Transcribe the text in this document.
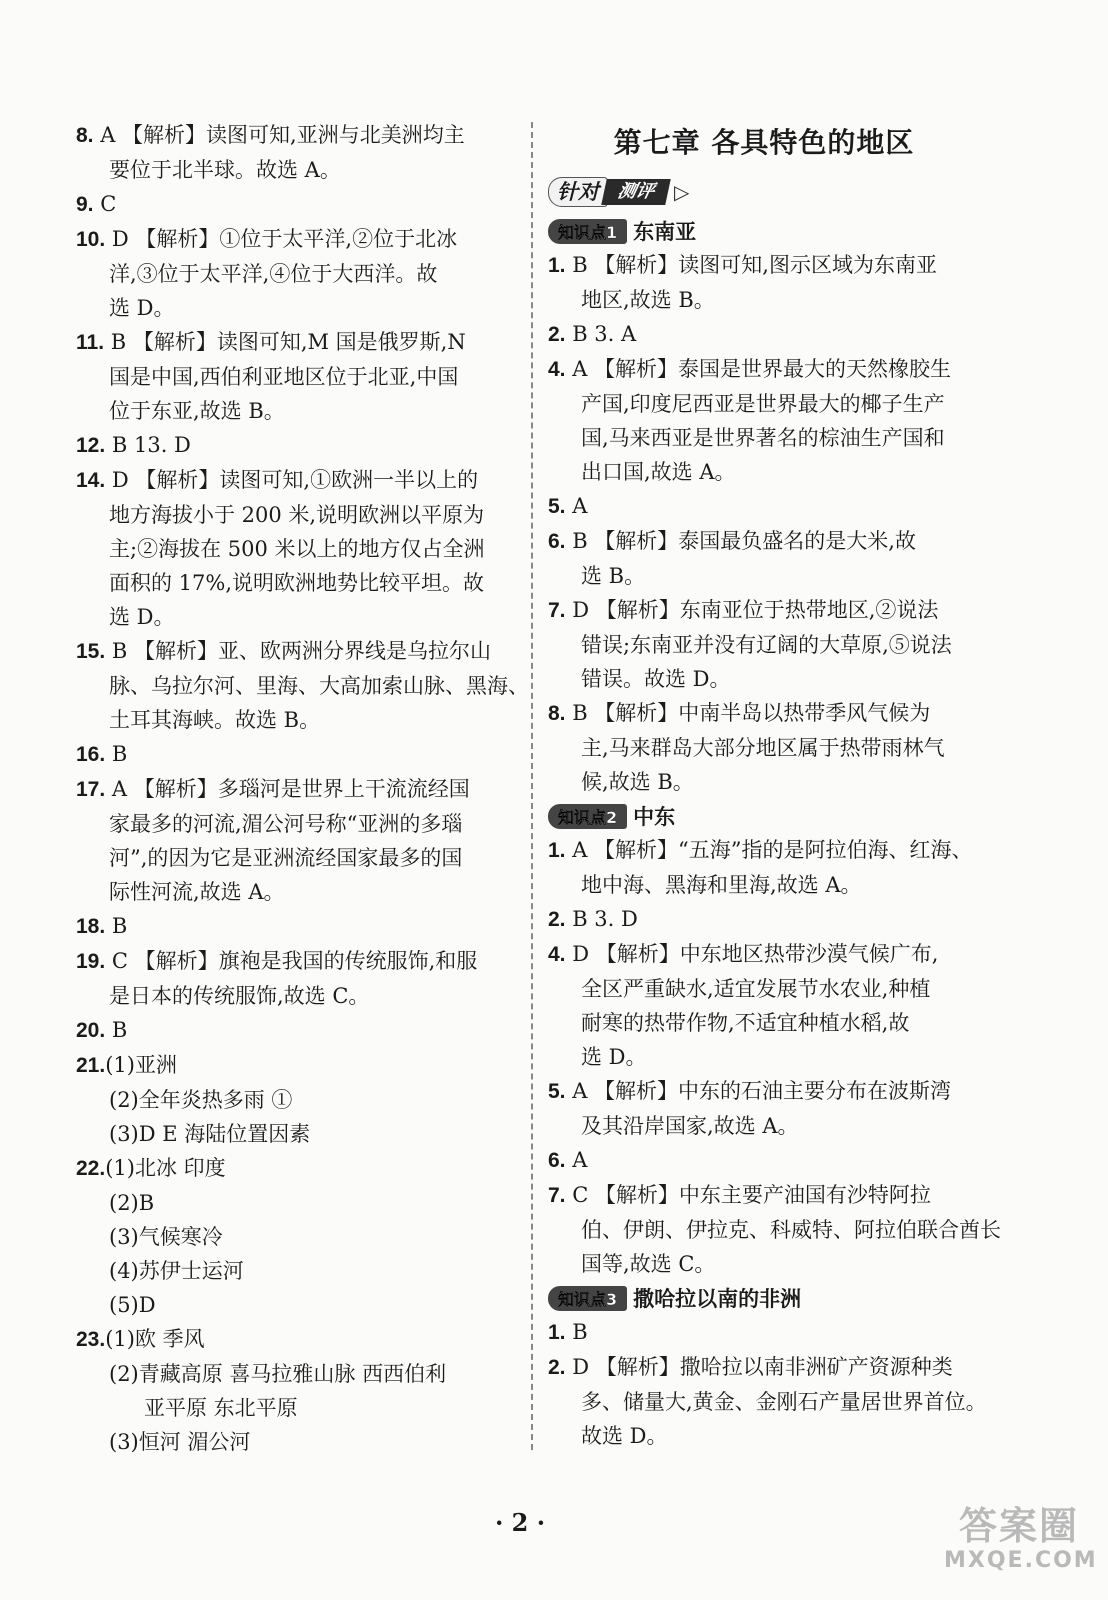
8. A 【解析】读图可知,亚洲与北美洲均主
要位于北半球。故选 A。
9. C
10. D 【解析】①位于太平洋,②位于北冰
洋,③位于太平洋,④位于大西洋。故
选 D。
11. B 【解析】读图可知,M 国是俄罗斯,N
国是中国,西伯利亚地区位于北亚,中国
位于东亚,故选 B。
12. B 13. D
14. D 【解析】读图可知,①欧洲一半以上的
地方海拔小于 200 米,说明欧洲以平原为
主;②海拔在 500 米以上的地方仅占全洲
面积的 17%,说明欧洲地势比较平坦。故
选 D。
15. B 【解析】亚、欧两洲分界线是乌拉尔山
脉、乌拉尔河、里海、大高加索山脉、黑海、
土耳其海峡。故选 B。
16. B
17. A 【解析】多瑙河是世界上干流流经国
家最多的河流,湄公河号称“亚洲的多瑙
河”,的因为它是亚洲流经国家最多的国
际性河流,故选 A。
18. B
19. C 【解析】旗袍是我国的传统服饰,和服
是日本的传统服饰,故选 C。
20. B
21.(1)亚洲
(2)全年炎热多雨 ①
(3)D E 海陆位置因素
22.(1)北冰 印度
(2)B
(3)气候寒冷
(4)苏伊士运河
(5)D
23.(1)欧 季风
(2)青藏高原 喜马拉雅山脉 西西伯利
亚平原 东北平原
(3)恒河 湄公河
第七章 各具特色的地区
针对 测评 ▷
知识点1 东南亚
1. B 【解析】读图可知,图示区域为东南亚
地区,故选 B。
2. B 3. A
4. A 【解析】泰国是世界最大的天然橡胶生
产国,印度尼西亚是世界最大的椰子生产
国,马来西亚是世界著名的棕油生产国和
出口国,故选 A。
5. A
6. B 【解析】泰国最负盛名的是大米,故
选 B。
7. D 【解析】东南亚位于热带地区,②说法
错误;东南亚并没有辽阔的大草原,⑤说法
错误。故选 D。
8. B 【解析】中南半岛以热带季风气候为
主,马来群岛大部分地区属于热带雨林气
候,故选 B。
知识点2 中东
1. A 【解析】“五海”指的是阿拉伯海、红海、
地中海、黑海和里海,故选 A。
2. B 3. D
4. D 【解析】中东地区热带沙漠气候广布,
全区严重缺水,适宜发展节水农业,种植
耐寒的热带作物,不适宜种植水稻,故
选 D。
5. A 【解析】中东的石油主要分布在波斯湾
及其沿岸国家,故选 A。
6. A
7. C 【解析】中东主要产油国有沙特阿拉
伯、伊朗、伊拉克、科威特、阿拉伯联合酋长
国等,故选 C。
知识点3 撒哈拉以南的非洲
1. B
2. D 【解析】撒哈拉以南非洲矿产资源种类
多、储量大,黄金、金刚石产量居世界首位。
故选 D。
· 2 ·	答案圈
MXQE.COM
